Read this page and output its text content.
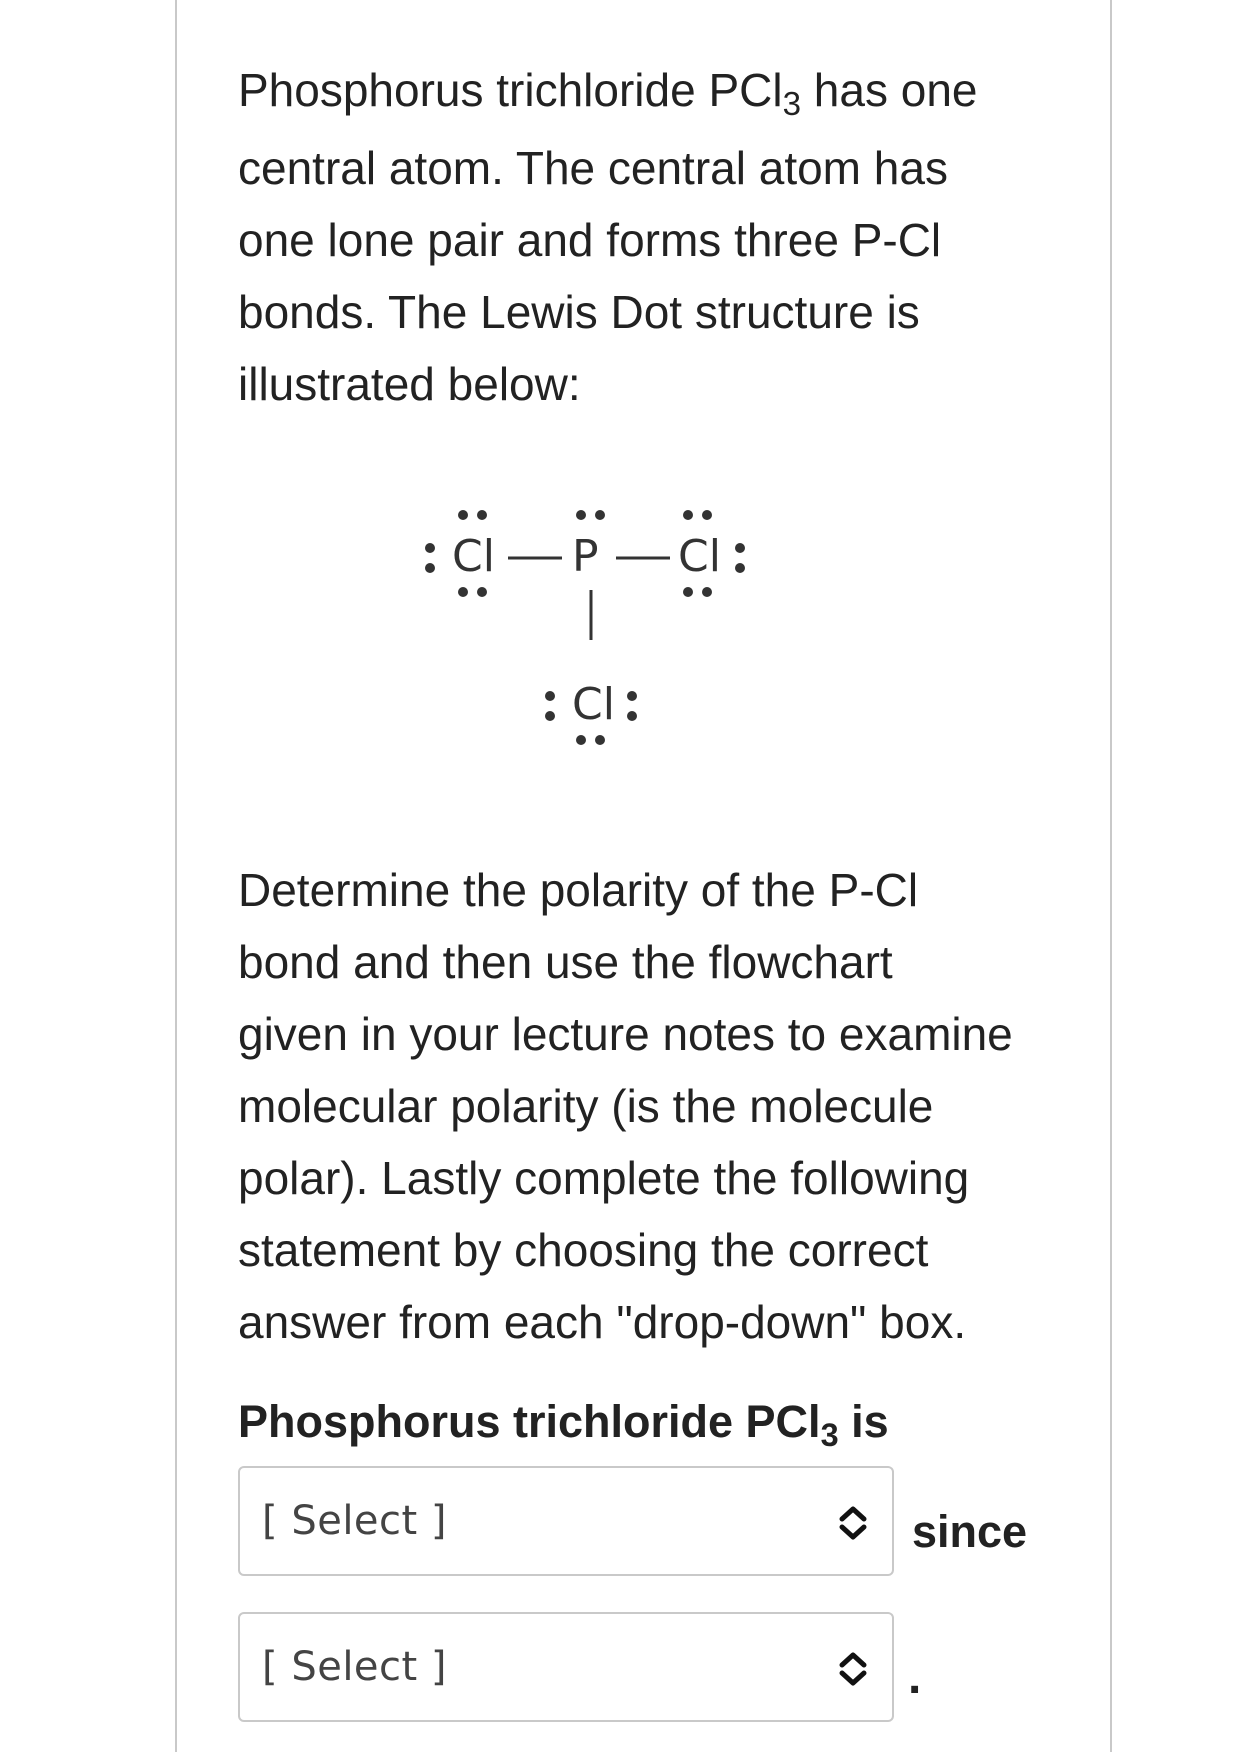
Phosphorus trichloride PCl$_3$ has one
central atom. The central atom has
one lone pair and forms three P-Cl
bonds. The Lewis Dot structure is
illustrated below:

Cl P Cl
Cl

Determine the polarity of the P-Cl
bond and then use the flowchart
given in your lecture notes to examine
molecular polarity (is the molecule
polar). Lastly complete the following
statement by choosing the correct
answer from each "drop-down" box.

Phosphorus trichloride PCl$_3$ is
[ Select ]	since
[ Select ]	.
